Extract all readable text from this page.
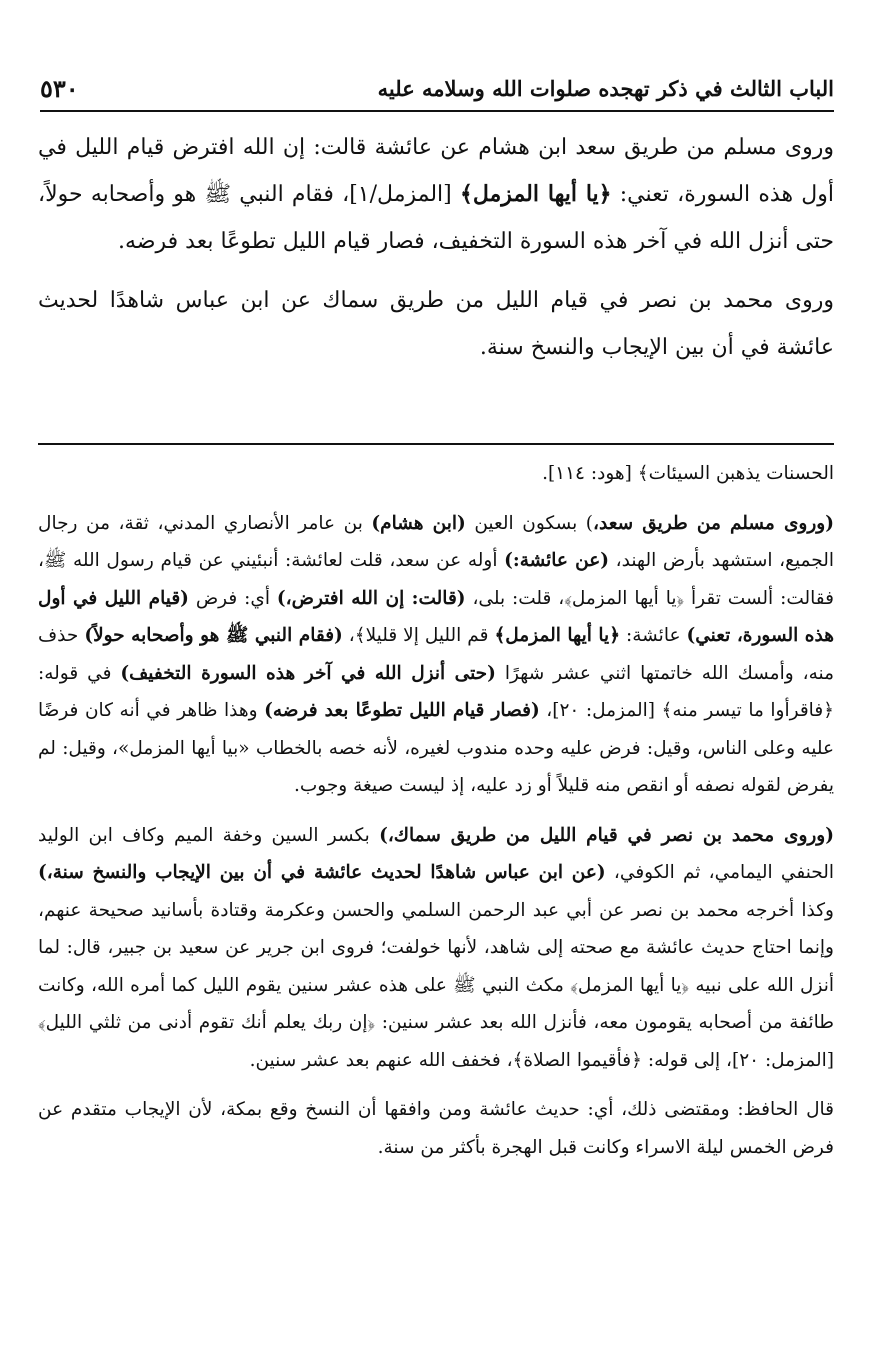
الباب الثالث في ذكر تهجده صلوات الله وسلامه عليه
٥٣٠

وروى مسلم من طريق سعد ابن هشام عن عائشة قالت: إن الله افترض قيام الليل في أول هذه السورة، تعني: ﴿يا أيها المزمل﴾ [المزمل/١]، فقام النبي ﷺ هو وأصحابه حولاً، حتى أنزل الله في آخر هذه السورة التخفيف، فصار قيام الليل تطوعًا بعد فرضه.

وروى محمد بن نصر في قيام الليل من طريق سماك عن ابن عباس شاهدًا لحديث عائشة في أن بين الإيجاب والنسخ سنة.

الحسنات يذهبن السيئات﴾ [هود: ١١٤].

(وروى مسلم من طريق سعد،) بسكون العين (ابن هشام) بن عامر الأنصاري المدني، ثقة، من رجال الجميع، استشهد بأرض الهند، (عن عائشة:) أوله عن سعد، قلت لعائشة: أنبئيني عن قيام رسول الله ﷺ، فقالت: ألست تقرأ ﴿يا أيها المزمل﴾، قلت: بلى، (قالت: إن الله افترض،) أي: فرض (قيام الليل في أول هذه السورة، تعني) عائشة: ﴿يا أيها المزمل﴾ قم الليل إلا قليلا﴾، (فقام النبي ﷺ هو وأصحابه حولاً) حذف منه، وأمسك الله خاتمتها اثني عشر شهرًا (حتى أنزل الله في آخر هذه السورة التخفيف) في قوله: ﴿فاقرأوا ما تيسر منه﴾ [المزمل: ٢٠]، (فصار قيام الليل تطوعًا بعد فرضه) وهذا ظاهر في أنه كان فرضًا عليه وعلى الناس، وقيل: فرض عليه وحده مندوب لغيره، لأنه خصه بالخطاب «بيا أيها المزمل»، وقيل: لم يفرض لقوله نصفه أو انقص منه قليلاً أو زد عليه، إذ ليست صيغة وجوب.

(وروى محمد بن نصر في قيام الليل من طريق سماك،) بكسر السين وخفة الميم وكاف ابن الوليد الحنفي اليمامي، ثم الكوفي، (عن ابن عباس شاهدًا لحديث عائشة في أن بين الإيجاب والنسخ سنة،) وكذا أخرجه محمد بن نصر عن أبي عبد الرحمن السلمي والحسن وعكرمة وقتادة بأسانيد صحيحة عنهم، وإنما احتاج حديث عائشة مع صحته إلى شاهد، لأنها خولفت؛ فروى ابن جرير عن سعيد بن جبير، قال: لما أنزل الله على نبيه ﴿يا أيها المزمل﴾ مكث النبي ﷺ على هذه عشر سنين يقوم الليل كما أمره الله، وكانت طائفة من أصحابه يقومون معه، فأنزل الله بعد عشر سنين: ﴿إن ربك يعلم أنك تقوم أدنى من ثلثي الليل﴾ [المزمل: ٢٠]، إلى قوله: ﴿فأقيموا الصلاة﴾، فخفف الله عنهم بعد عشر سنين.

قال الحافظ: ومقتضى ذلك، أي: حديث عائشة ومن وافقها أن النسخ وقع بمكة، لأن الإيجاب متقدم عن فرض الخمس ليلة الاسراء وكانت قبل الهجرة بأكثر من سنة.
